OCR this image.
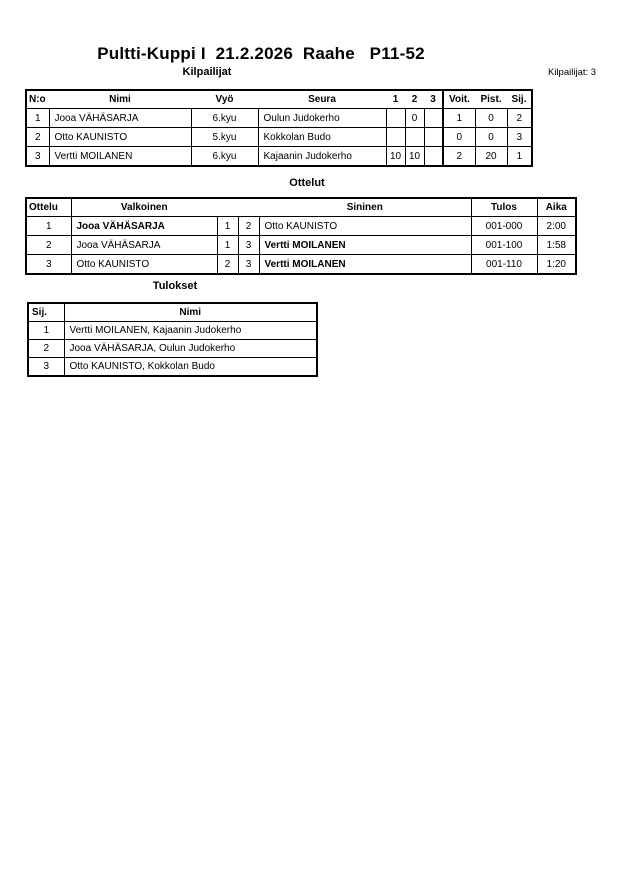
Pultti-Kuppi I  21.2.2026  Raahe   P11-52
Kilpailijat	Kilpailijat: 3
N:o	Nimi	Vyö	Seura	1	2	3	Voit.	Pist.	Sij.
1	Jooa VÄHÄSARJA	6.kyu	Oulun Judokerho		0		1	0	2
2	Otto KAUNISTO	5.kyu	Kokkolan Budo				0	0	3
3	Vertti MOILANEN	6.kyu	Kajaanin Judokerho	10	10		2	20	1
Ottelut
Ottelu	Valkoinen			Sininen	Tulos	Aika
1	Jooa VÄHÄSARJA	1	2	Otto KAUNISTO	001-000	2:00
2	Jooa VÄHÄSARJA	1	3	Vertti MOILANEN	001-100	1:58
3	Otto KAUNISTO	2	3	Vertti MOILANEN	001-110	1:20
Tulokset
Sij.	Nimi
1	Vertti MOILANEN, Kajaanin Judokerho
2	Jooa VÄHÄSARJA, Oulun Judokerho
3	Otto KAUNISTO, Kokkolan Budo
